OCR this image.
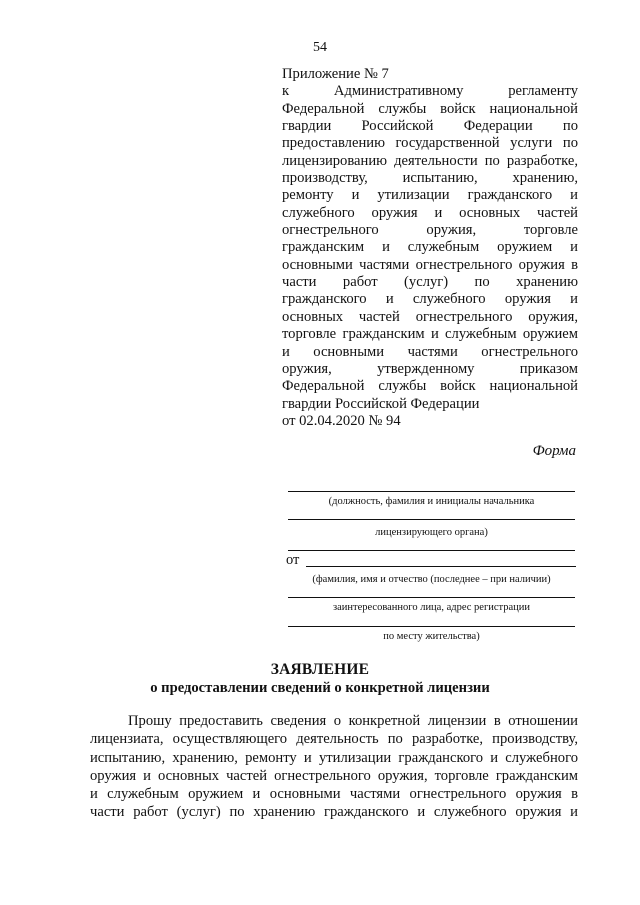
54
Приложение № 7
к Административному регламенту
Федеральной службы войск национальной
гвардии Российской Федерации по
предоставлению государственной услуги по
лицензированию деятельности по разработке,
производству, испытанию, хранению,
ремонту и утилизации гражданского и
служебного оружия и основных частей
огнестрельного оружия, торговле
гражданским и служебным оружием и
основными частями огнестрельного оружия в
части работ (услуг) по хранению
гражданского и служебного оружия и
основных частей огнестрельного оружия,
торговле гражданским и служебным оружием
и основными частями огнестрельного
оружия, утвержденному приказом
Федеральной службы войск национальной
гвардии Российской Федерации
от 02.04.2020 № 94
Форма
(должность, фамилия и инициалы начальника
лицензирующего органа)
от
(фамилия, имя и отчество (последнее – при наличии)
заинтересованного лица, адрес регистрации
по месту жительства)
ЗАЯВЛЕНИЕ
о предоставлении сведений о конкретной лицензии
Прошу предоставить сведения о конкретной лицензии в отношении
лицензиата, осуществляющего деятельность по разработке, производству,
испытанию, хранению, ремонту и утилизации гражданского и служебного
оружия и основных частей огнестрельного оружия, торговле гражданским
и служебным оружием и основными частями огнестрельного оружия в
части работ (услуг) по хранению гражданского и служебного оружия и
